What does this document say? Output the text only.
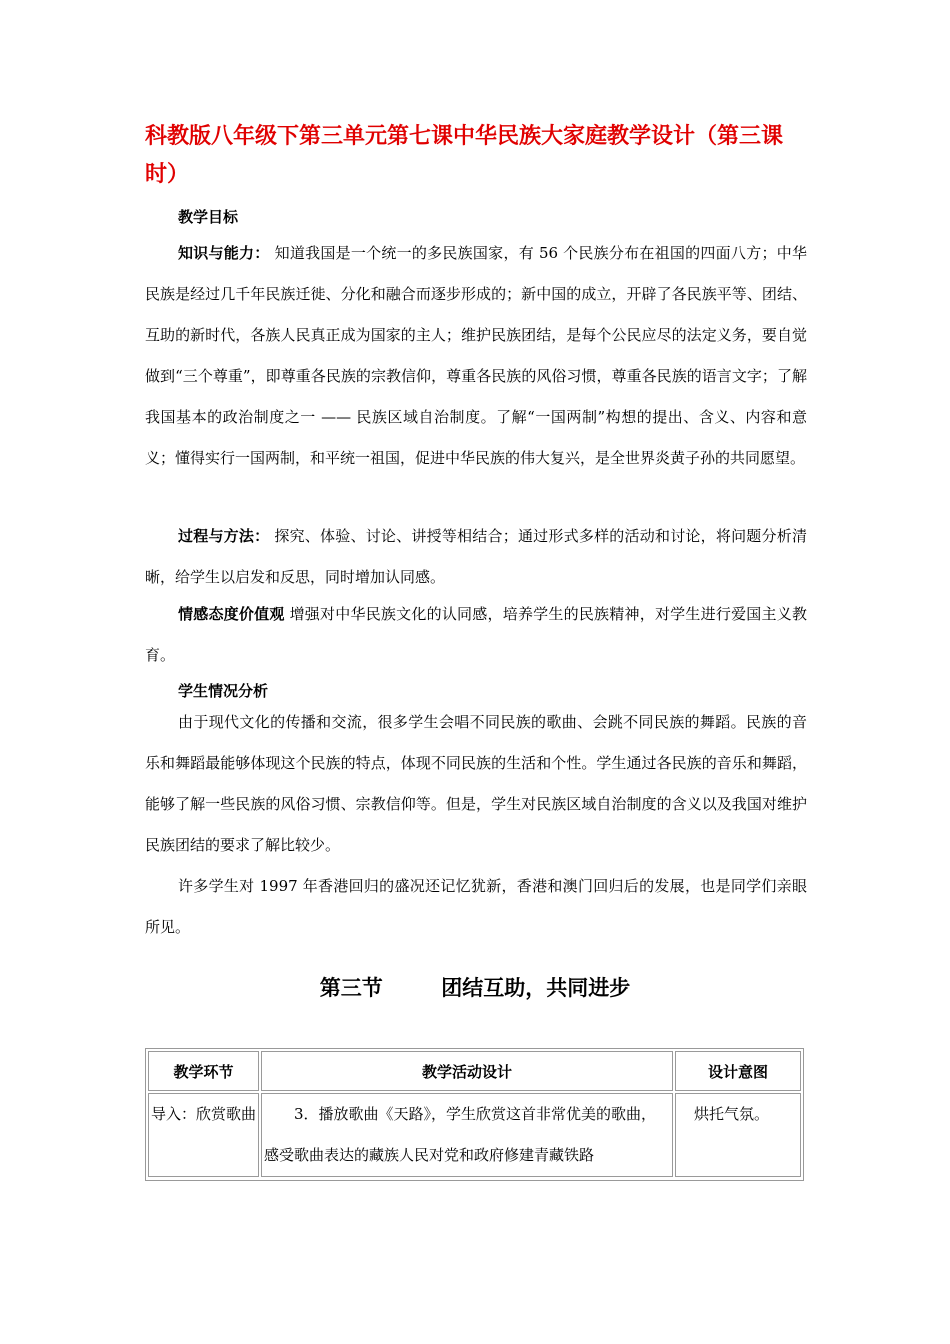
科教版八年级下第三单元第七课中华民族大家庭教学设计（第三课时）

教学目标

知识与能力： 知道我国是一个统一的多民族国家，有 56 个民族分布在祖国的四面八方；中华民族是经过几千年民族迁徙、分化和融合而逐步形成的；新中国的成立，开辟了各民族平等、团结、互助的新时代，各族人民真正成为国家的主人；维护民族团结，是每个公民应尽的法定义务，要自觉做到“三个尊重”，即尊重各民族的宗教信仰，尊重各民族的风俗习惯，尊重各民族的语言文字；了解我国基本的政治制度之一 —— 民族区域自治制度。了解“一国两制”构想的提出、含义、内容和意义；懂得实行一国两制，和平统一祖国，促进中华民族的伟大复兴，是全世界炎黄子孙的共同愿望。

过程与方法： 探究、体验、讨论、讲授等相结合；通过形式多样的活动和讨论，将问题分析清晰，给学生以启发和反思，同时增加认同感。

情感态度价值观 增强对中华民族文化的认同感，培养学生的民族精神，对学生进行爱国主义教育。

学生情况分析

由于现代文化的传播和交流，很多学生会唱不同民族的歌曲、会跳不同民族的舞蹈。民族的音乐和舞蹈最能够体现这个民族的特点，体现不同民族的生活和个性。学生通过各民族的音乐和舞蹈，能够了解一些民族的风俗习惯、宗教信仰等。但是，学生对民族区域自治制度的含义以及我国对维护民族团结的要求了解比较少。

许多学生对 1997 年香港回归的盛况还记忆犹新，香港和澳门回归后的发展，也是同学们亲眼所见。

第三节        团结互助，共同进步
教学环节	教学活动设计	设计意图
导入：欣赏歌曲	3．播放歌曲《天路》，学生欣赏这首非常优美的歌曲，感受歌曲表达的藏族人民对党和政府修建青藏铁路	烘托气氛。
